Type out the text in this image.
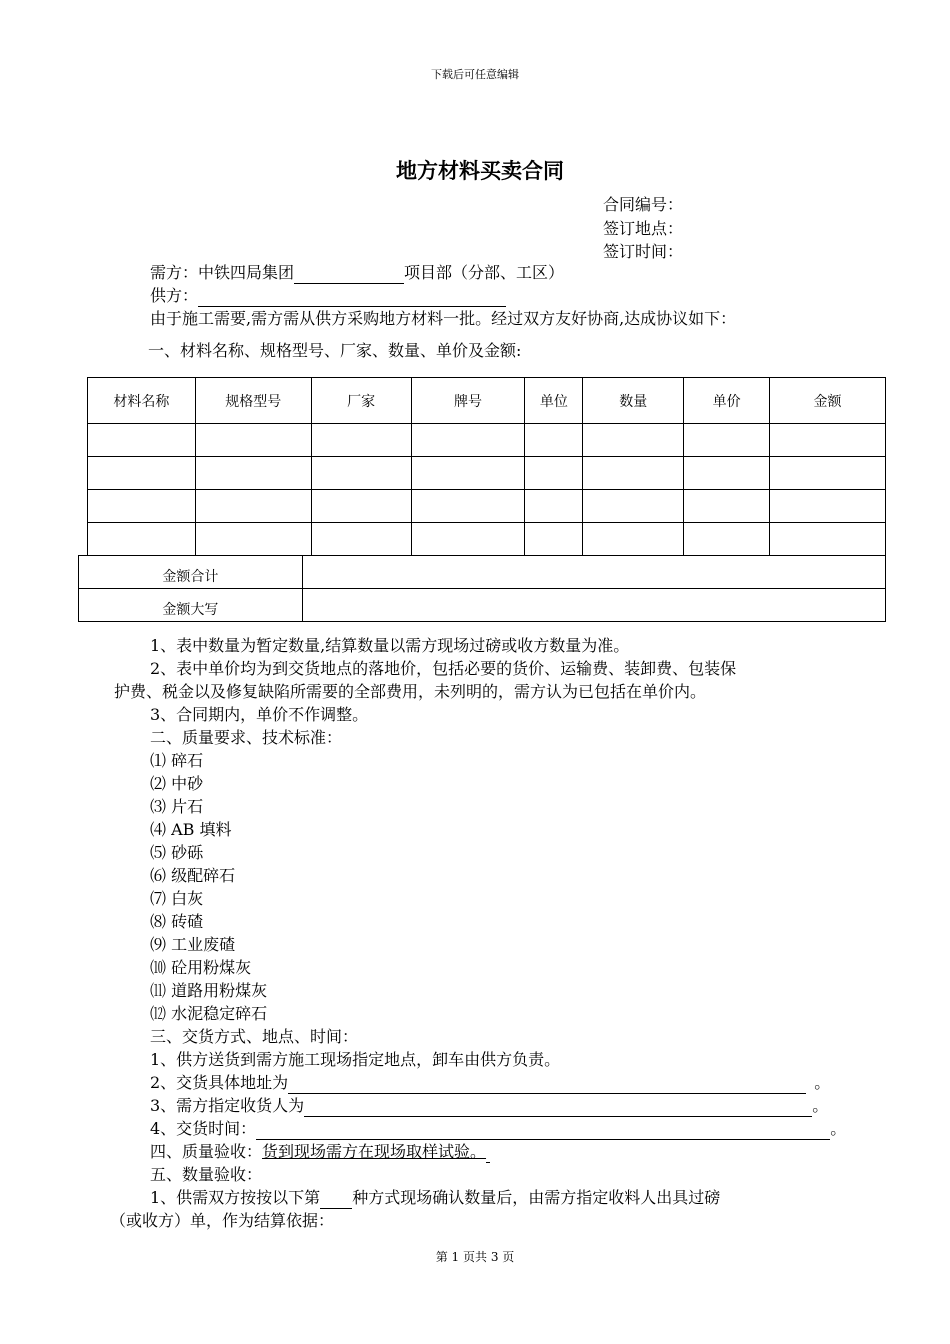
下载后可任意编辑
地方材料买卖合同
合同编号：
签订地点：
签订时间：
需方：中铁四局集团	项目部（分部、工区）
供方：
由于施工需要,需方需从供方采购地方材料一批。经过双方友好协商,达成协议如下：
一、材料名称、规格型号、厂家、数量、单价及金额:
材料名称	规格型号	厂家	牌号	单位	数量	单价	金额

金额合计	
金额大写	
1、表中数量为暂定数量,结算数量以需方现场过磅或收方数量为准。
2、表中单价均为到交货地点的落地价，包括必要的货价、运输费、装卸费、包装保
护费、税金以及修复缺陷所需要的全部费用，未列明的，需方认为已包括在单价内。
3、合同期内，单价不作调整。
二、质量要求、技术标准：
⑴ 碎石
⑵ 中砂
⑶ 片石
⑷ AB 填料
⑸ 砂砾
⑹ 级配碎石
⑺ 白灰
⑻ 砖碴
⑼ 工业废碴
⑽ 砼用粉煤灰
⑾ 道路用粉煤灰
⑿ 水泥稳定碎石
三、交货方式、地点、时间：
1、供方送货到需方施工现场指定地点，卸车由供方负责。
2、交货具体地址为	。
3、需方指定收货人为	。
4、交货时间：	。
四、质量验收：货到现场需方在现场取样试验。
五、数量验收：
1、供需双方按按以下第 种方式现场确认数量后，由需方指定收料人出具过磅
（或收方）单，作为结算依据：
第 1 页共 3 页
